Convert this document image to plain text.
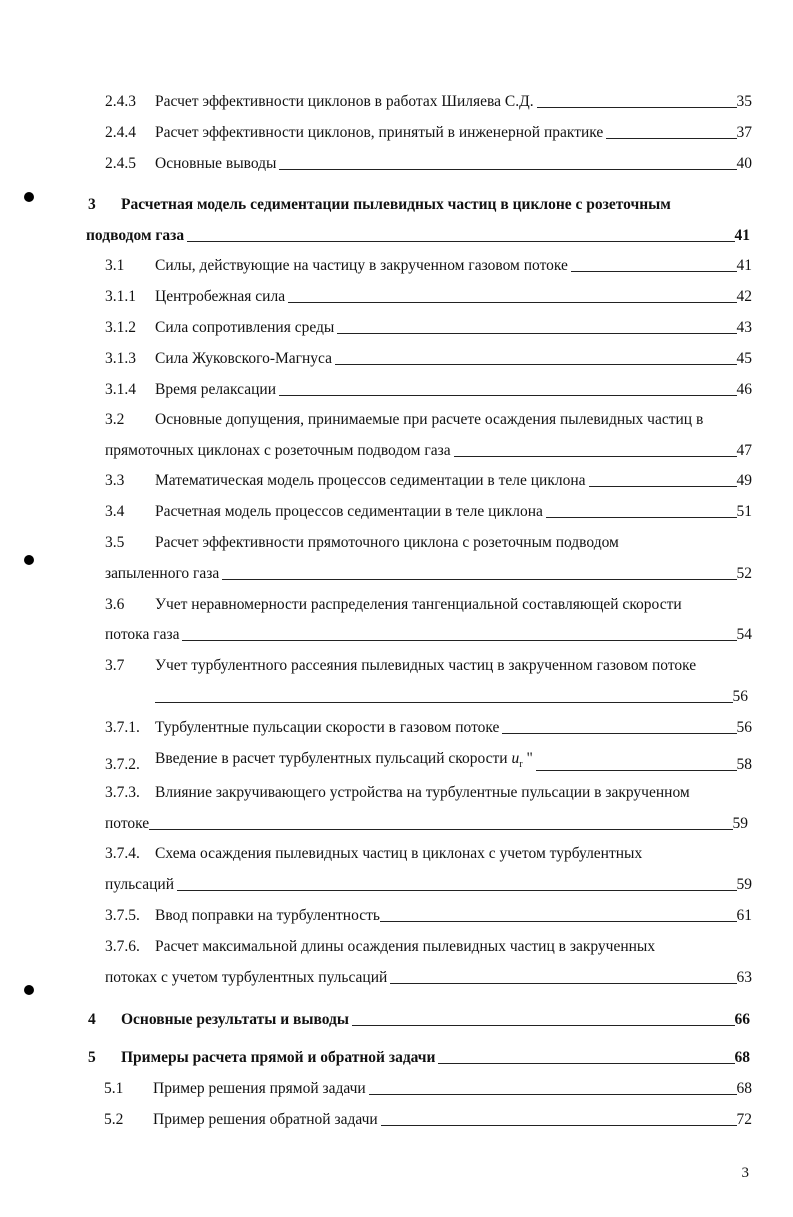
2.4.3	Расчет эффективности циклонов в работах Шиляева С.Д.	35
2.4.4	Расчет эффективности циклонов, принятый в инженерной практике	37
2.4.5	Основные выводы	40
3 Расчетная модель седиментации пылевидных частиц в циклоне с розеточным
подводом газа	41
3.1	Силы, действующие на частицу в закрученном газовом потоке	41
3.1.1	Центробежная сила	42
3.1.2	Сила сопротивления среды	43
3.1.3	Сила Жуковского-Магнуса	45
3.1.4	Время релаксации	46
3.2 Основные допущения, принимаемые при расчете осаждения пылевидных частиц в
прямоточных циклонах с розеточным подводом газа	47
3.3	Математическая модель процессов седиментации в теле циклона	49
3.4	Расчетная модель процессов седиментации в теле циклона	51
3.5 Расчет эффективности прямоточного циклона с розеточным подводом
запыленного газа	52
3.6 Учет неравномерности распределения тангенциальной составляющей скорости
потока газа	54
3.7 Учет турбулентного рассеяния пылевидных частиц в закрученном газовом потоке
56
3.7.1. Турбулентные пульсации скорости в газовом потоке	56
3.7.2. Введение в расчет турбулентных пульсаций скорости $u_r$ "	58
3.7.3. Влияние закручивающего устройства на турбулентные пульсации в закрученном
потоке	59
3.7.4. Схема осаждения пылевидных частиц в циклонах с учетом турбулентных
пульсаций	59
3.7.5. Ввод поправки на турбулентность	61
3.7.6. Расчет максимальной длины осаждения пылевидных частиц в закрученных
потоках с учетом турбулентных пульсаций	63
4	Основные результаты и выводы	66
5	Примеры расчета прямой и обратной задачи	68
5.1	Пример решения прямой задачи	68
5.2	Пример решения обратной задачи	72
3
